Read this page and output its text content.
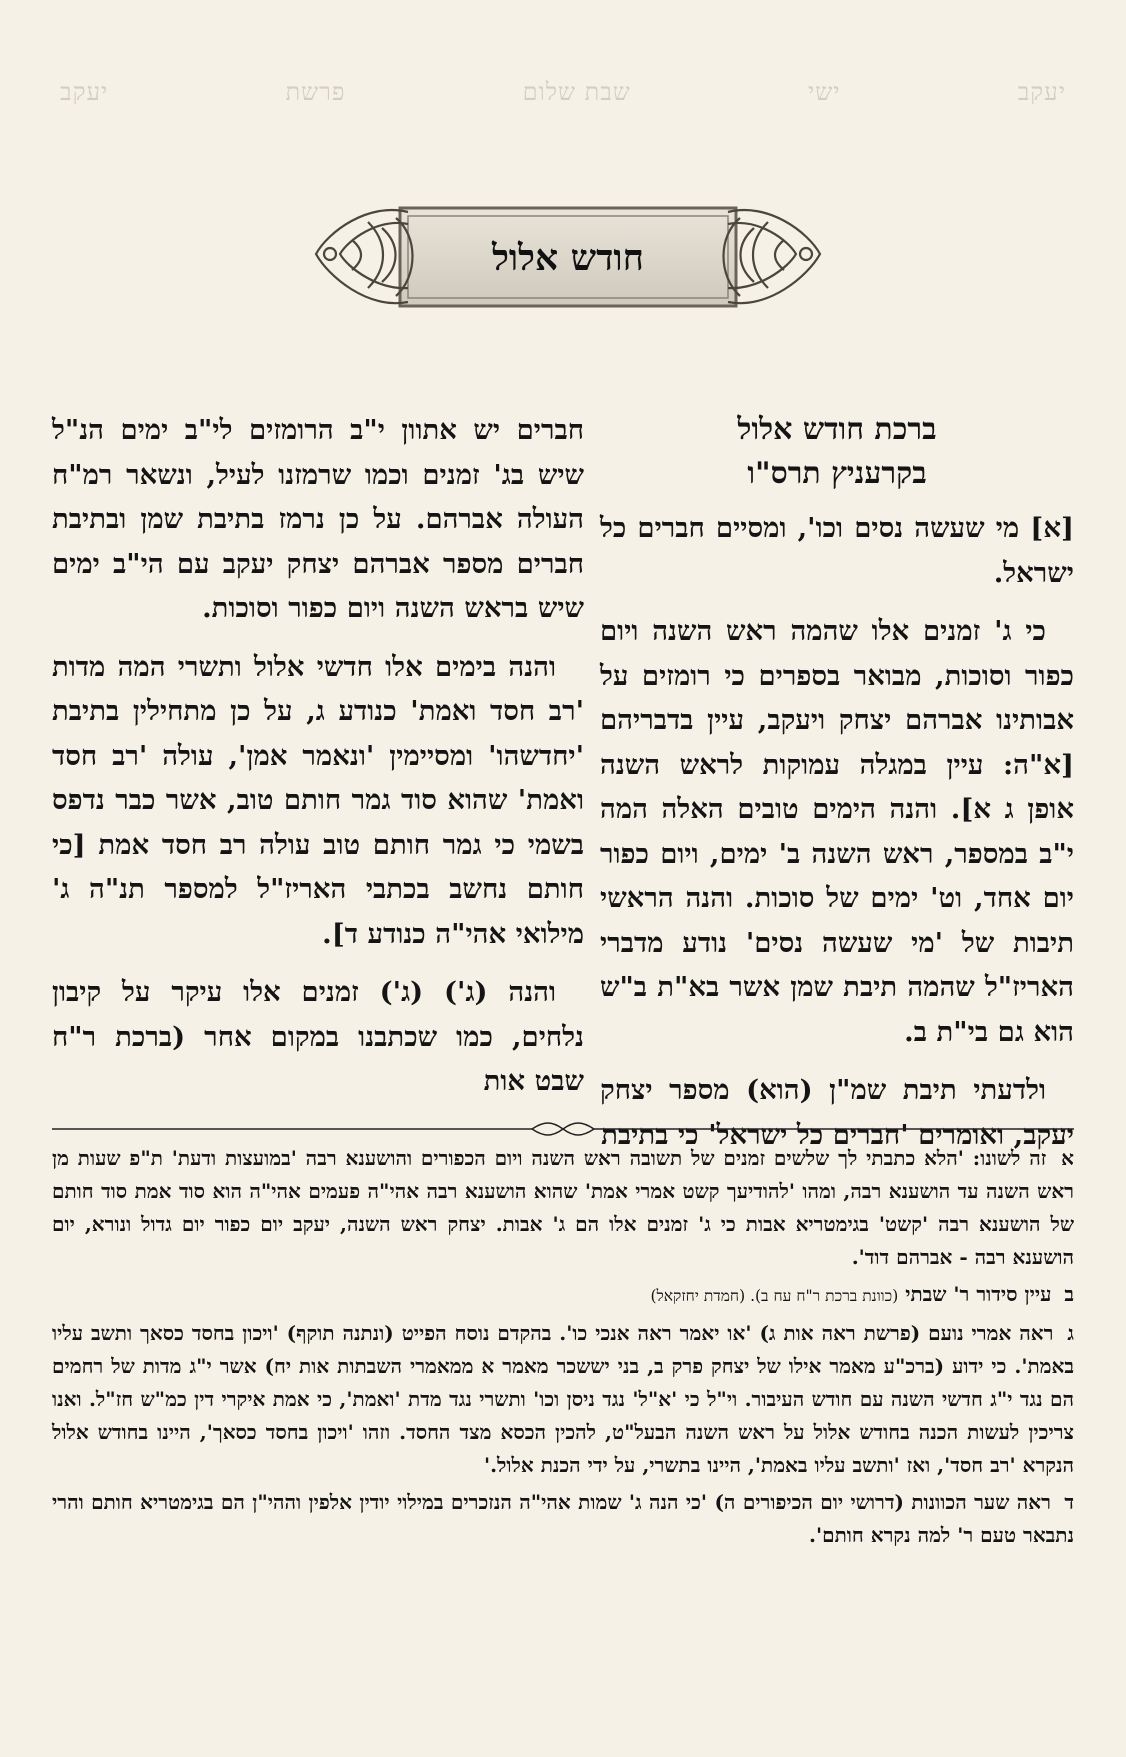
יעקב
ישי
שבת שלום
פרשת
יעקב
חודש אלול
ברכת חודש אלול
בקרעניץ תרס"ו

[א] מי שעשה נסים וכו', ומסיים חברים כל ישראל.

כי ג' זמנים אלו שהמה ראש השנה ויום כפור וסוכות, מבואר בספרים כי רומזים על אבותינו אברהם יצחק ויעקב, עיין בדבריהם [א"ה: עיין במגלה עמוקות לראש השנה אופן ג א]. והנה הימים טובים האלה המה י"ב במספר, ראש השנה ב' ימים, ויום כפור יום אחד, וט' ימים של סוכות. והנה הראשי תיבות של 'מי שעשה נסים' נודע מדברי האריז"ל שהמה תיבת שמן אשר בא"ת ב"ש הוא גם בי"ת ב.

ולדעתי תיבת שמ"ן (הוא) מספר יצחק יעקב, ואומרים 'חברים כל ישראל' כי בתיבת

חברים יש אתוון י"ב הרומזים לי"ב ימים הנ"ל שיש בג' זמנים וכמו שרמזנו לעיל, ונשאר רמ"ח העולה אברהם. על כן נרמז בתיבת שמן ובתיבת חברים מספר אברהם יצחק יעקב עם הי"ב ימים שיש בראש השנה ויום כפור וסוכות.

והנה בימים אלו חדשי אלול ותשרי המה מדות 'רב חסד ואמת' כנודע ג, על כן מתחילין בתיבת 'יחדשהו' ומסיימין 'ונאמר אמן', עולה 'רב חסד ואמת' שהוא סוד גמר חותם טוב, אשר כבר נדפס בשמי כי גמר חותם טוב עולה רב חסד אמת [כי חותם נחשב בכתבי האריז"ל למספר תנ"ה ג' מילואי אהי"ה כנודע ד].

והנה (ג') (ג') זמנים אלו עיקר על קיבון נלחים, כמו שכתבנו במקום אחר (ברכת ר"ח שבט אות

א זה לשונו: 'הלא כתבתי לך שלשים זמנים של תשובה ראש השנה ויום הכפורים והושענא רבה 'במועצות ודעת' ת"פ שעות מן ראש השנה עד הושענא רבה, ומהו 'להודיעך קשט אמרי אמת' שהוא הושענא רבה אהי"ה פעמים אהי"ה הוא סוד אמת סוד חותם של הושענא רבה 'קשט' בגימטריא אבות כי ג' זמנים אלו הם ג' אבות. יצחק ראש השנה, יעקב יום כפור יום גדול ונורא, יום הושענא רבה - אברהם דוד'.

ב עיין סידור ר' שבתי (כוונת ברכת ר"ח עח ב). (חמדת יחזקאל)

ג ראה אמרי נועם (פרשת ראה אות ג) 'או יאמר ראה אנכי כו'. בהקדם נוסח הפייט (ונתנה תוקף) 'ויכון בחסד כסאך ותשב עליו באמת'. כי ידוע (ברכ"ע מאמר אילו של יצחק פרק ב, בני יששכר מאמר א ממאמרי השבתות אות יח) אשר י"ג מדות של רחמים הם נגד י"ג חדשי השנה עם חודש העיבור. וי"ל כי 'א"ל' נגד ניסן וכו' ותשרי נגד מדת 'ואמת', כי אמת איקרי דין כמ"ש חז"ל. ואנו צריכין לעשות הכנה בחודש אלול על ראש השנה הבעל"ט, להכין הכסא מצד החסד. וזהו 'ויכון בחסד כסאך', היינו בחודש אלול הנקרא 'רב חסד', ואז 'ותשב עליו באמת', היינו בתשרי, על ידי הכנת אלול.'

ד ראה שער הכוונות (דרושי יום הכיפורים ה) 'כי הנה ג' שמות אהי"ה הנזכרים במילוי יודין אלפין וההי"ן הם בגימטריא חותם והרי נתבאר טעם ר' למה נקרא חותם'.
